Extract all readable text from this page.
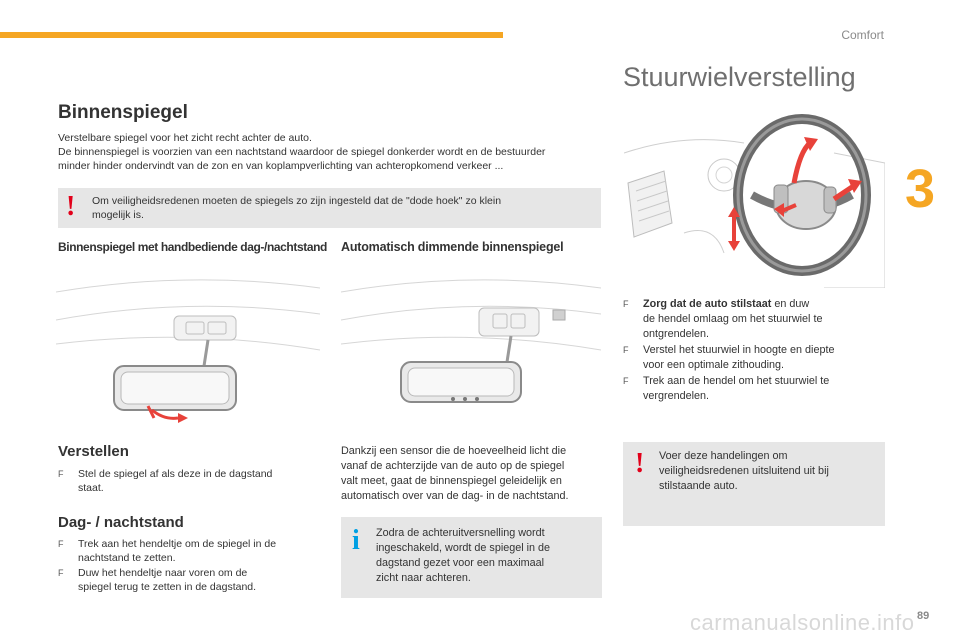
Comfort
3
Binnenspiegel
Verstelbare spiegel voor het zicht recht achter de auto.
De binnenspiegel is voorzien van een nachtstand waardoor de spiegel donkerder wordt en de bestuurder
minder hinder ondervindt van de zon en van koplampverlichting van achteropkomend verkeer ...
! Om veiligheidsredenen moeten de spiegels zo zijn ingesteld dat de "dode hoek" zo klein
mogelijk is.
Binnenspiegel met handbediende dag-/nachtstand Automatisch dimmende binnenspiegel
Verstellen
F Stel de spiegel af als deze in de dagstand
staat.
Dag- / nachtstand
F Trek aan het hendeltje om de spiegel in de
nachtstand te zetten.
F Duw het hendeltje naar voren om de
spiegel terug te zetten in de dagstand.
Dankzij een sensor die de hoeveelheid licht die
vanaf de achterzijde van de auto op de spiegel
valt meet, gaat de binnenspiegel geleidelijk en
automatisch over van de dag- in de nachtstand.
i Zodra de achteruitversnelling wordt
ingeschakeld, wordt de spiegel in de
dagstand gezet voor een maximaal
zicht naar achteren.
Stuurwielverstelling
F Zorg dat de auto stilstaat en duw
de hendel omlaag om het stuurwiel te
ontgrendelen.
F Verstel het stuurwiel in hoogte en diepte
voor een optimale zithouding.
F Trek aan de hendel om het stuurwiel te
vergrendelen.
! Voer deze handelingen om
veiligheidsredenen uitsluitend uit bij
stilstaande auto.
carmanualsonline.info 89
